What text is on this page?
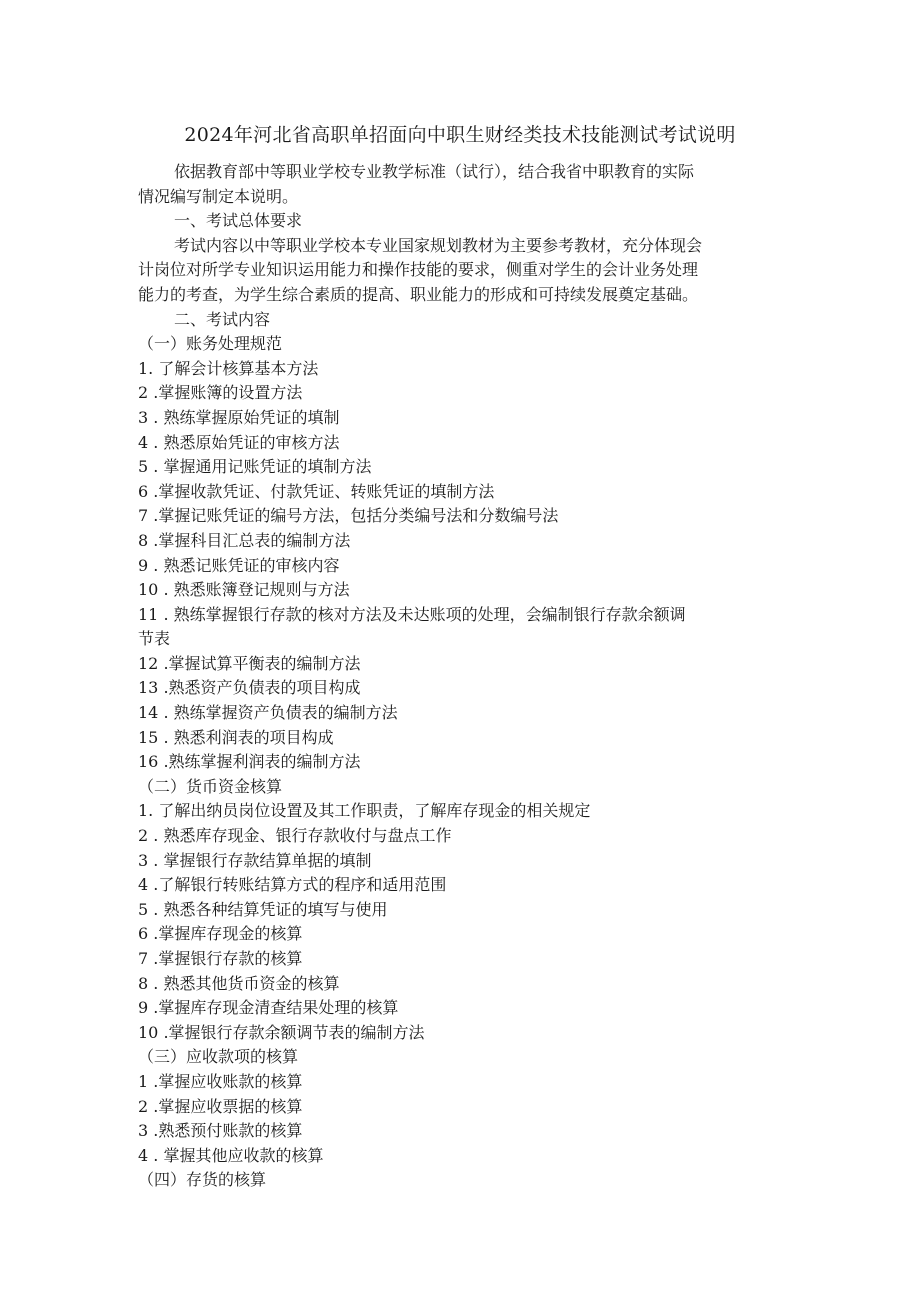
2024年河北省高职单招面向中职生财经类技术技能测试考试说明
依据教育部中等职业学校专业教学标准（试行），结合我省中职教育的实际
情况编写制定本说明。
一、考试总体要求
考试内容以中等职业学校本专业国家规划教材为主要参考教材，充分体现会
计岗位对所学专业知识运用能力和操作技能的要求，侧重对学生的会计业务处理
能力的考查，为学生综合素质的提高、职业能力的形成和可持续发展奠定基础。
二、考试内容
（一）账务处理规范
1. 了解会计核算基本方法
2 .掌握账簿的设置方法
3 . 熟练掌握原始凭证的填制
4 . 熟悉原始凭证的审核方法
5 . 掌握通用记账凭证的填制方法
6 .掌握收款凭证、付款凭证、转账凭证的填制方法
7 .掌握记账凭证的编号方法，包括分类编号法和分数编号法
8 .掌握科目汇总表的编制方法
9 . 熟悉记账凭证的审核内容
10 . 熟悉账簿登记规则与方法
11 . 熟练掌握银行存款的核对方法及未达账项的处理，会编制银行存款余额调
节表
12 .掌握试算平衡表的编制方法
13 .熟悉资产负债表的项目构成
14 . 熟练掌握资产负债表的编制方法
15 . 熟悉利润表的项目构成
16 .熟练掌握利润表的编制方法
（二）货币资金核算
1. 了解出纳员岗位设置及其工作职责，了解库存现金的相关规定
2 . 熟悉库存现金、银行存款收付与盘点工作
3 . 掌握银行存款结算单据的填制
4 .了解银行转账结算方式的程序和适用范围
5 . 熟悉各种结算凭证的填写与使用
6 .掌握库存现金的核算
7 .掌握银行存款的核算
8 . 熟悉其他货币资金的核算
9 .掌握库存现金清查结果处理的核算
10 .掌握银行存款余额调节表的编制方法
（三）应收款项的核算
1 .掌握应收账款的核算
2 .掌握应收票据的核算
3 .熟悉预付账款的核算
4 . 掌握其他应收款的核算
（四）存货的核算
